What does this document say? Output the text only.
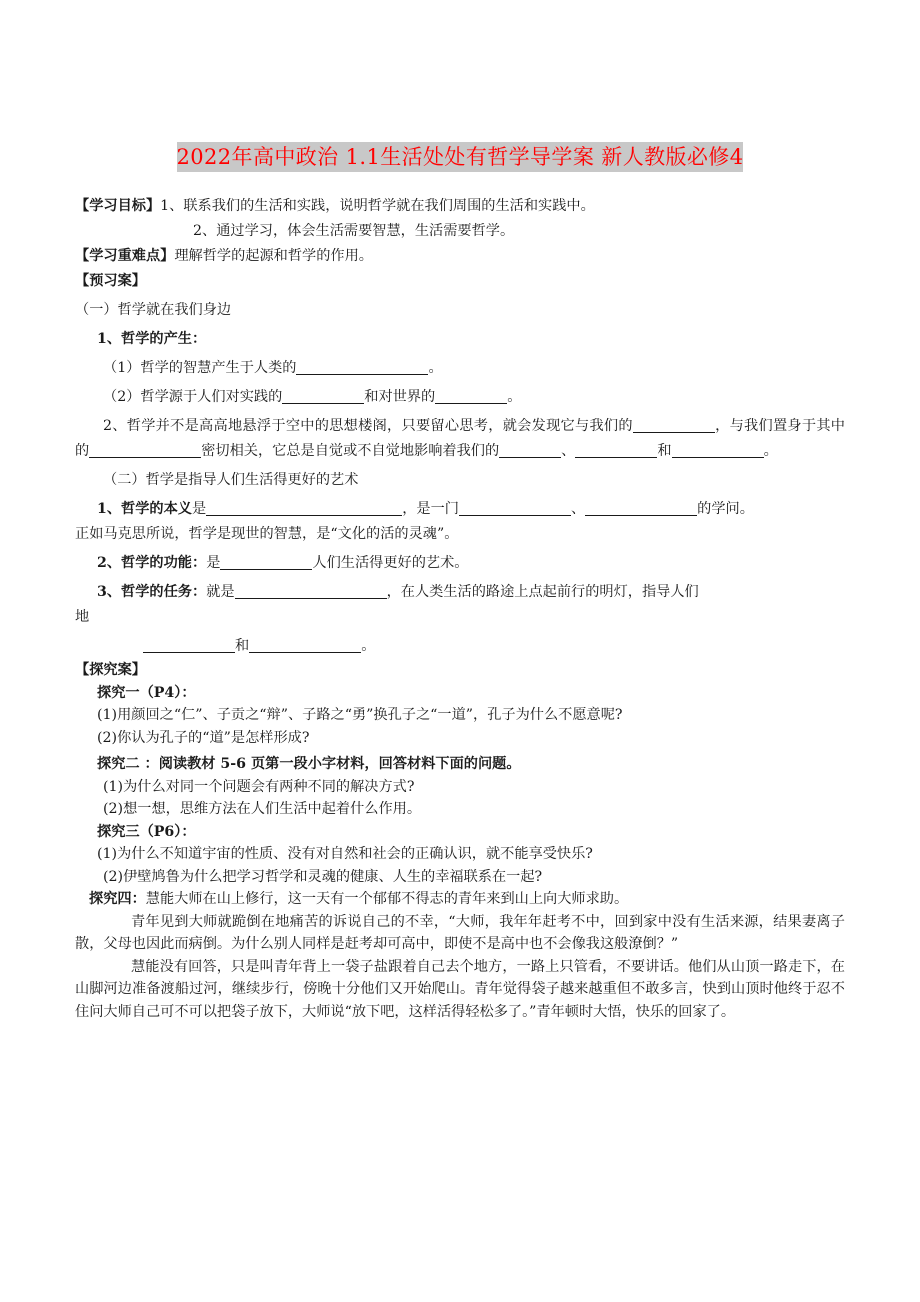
2022年高中政治 1.1生活处处有哲学导学案 新人教版必修4

【学习目标】1、联系我们的生活和实践，说明哲学就在我们周围的生活和实践中。

2、通过学习，体会生活需要智慧，生活需要哲学。

【学习重难点】理解哲学的起源和哲学的作用。

【预习案】

（一）哲学就在我们身边

1、哲学的产生：

（1）哲学的智慧产生于人类的	。

（2）哲学源于人们对实践的	和对世界的	。

2、哲学并不是高高地悬浮于空中的思想楼阁，只要留心思考，就会发现它与我们的	，与我们置身于其中的	密切相关，它总是自觉或不自觉地影响着我们的	、	和	。

（二）哲学是指导人们生活得更好的艺术

1、哲学的本义是	，是一门	、	的学问。

正如马克思所说，哲学是现世的智慧，是“文化的活的灵魂”。

2、哲学的功能：是	人们生活得更好的艺术。

3、哲学的任务：就是	，在人类生活的路途上点起前行的明灯，指导人们

地

和	。

【探究案】

探究一（P4）：

(1)用颜回之“仁”、子贡之“辩”、子路之“勇”换孔子之“一道”，孔子为什么不愿意呢?

(2)你认为孔子的“道”是怎样形成?

探究二 ：阅读教材 5-6 页第一段小字材料，回答材料下面的问题。

(1)为什么对同一个问题会有两种不同的解决方式?

(2)想一想，思维方法在人们生活中起着什么作用。

探究三（P6）：

(1)为什么不知道宇宙的性质、没有对自然和社会的正确认识，就不能享受快乐?

(2)伊壁鸠鲁为什么把学习哲学和灵魂的健康、人生的幸福联系在一起?

探究四：慧能大师在山上修行，这一天有一个郁郁不得志的青年来到山上向大师求助。

青年见到大师就跪倒在地痛苦的诉说自己的不幸，“大师，我年年赶考不中，回到家中没有生活来源，结果妻离子散，父母也因此而病倒。为什么别人同样是赶考却可高中，即使不是高中也不会像我这般潦倒？”

慧能没有回答，只是叫青年背上一袋子盐跟着自己去个地方，一路上只管看，不要讲话。他们从山顶一路走下，在山脚河边准备渡船过河，继续步行，傍晚十分他们又开始爬山。青年觉得袋子越来越重但不敢多言，快到山顶时他终于忍不住问大师自己可不可以把袋子放下，大师说“放下吧，这样活得轻松多了。”青年顿时大悟，快乐的回家了。
